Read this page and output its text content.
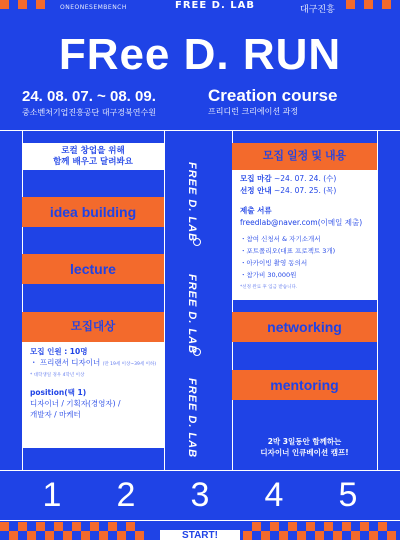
ONEONESEMBENCH	FREE D. LAB	대구진흥
FRee D. RUN
24. 08. 07. ~ 08. 09.
중소벤처기업진흥공단 대구경북연수원
Creation course
프리디런 크리에이션 과정
로컬 창업을 위해
함께 배우고 달려봐요
idea building
lecture
모집대상
모집 인원 : 10명
・ 프리랜서 디자이너 (만 19세 이상~39세 이하)
* 대학생일 경우 4학년 이상
position(택 1)
디자이너 / 기획자(경영자) /
개발자 / 마케터
모집 일정 및 내용
모집 마감 ~24. 07. 24. (수)
선정 안내 ~24. 07. 25. (목)
제출 서류
freedlab@naver.com(이메일 제출)
・참여 신청서 & 자기소개서
・포트폴리오(대표 프로젝트 3개)
・아카이빙 촬영 동의서
・참가비 30,000원
*선정 완료 후 입금 받습니다.
networking
mentoring
FREE D. LAB
FREE D. LAB
FREE D. LAB	2박 3일동안 함께하는
디자이너 인큐베이션 캠프!
1	2	3	4	5
START!
